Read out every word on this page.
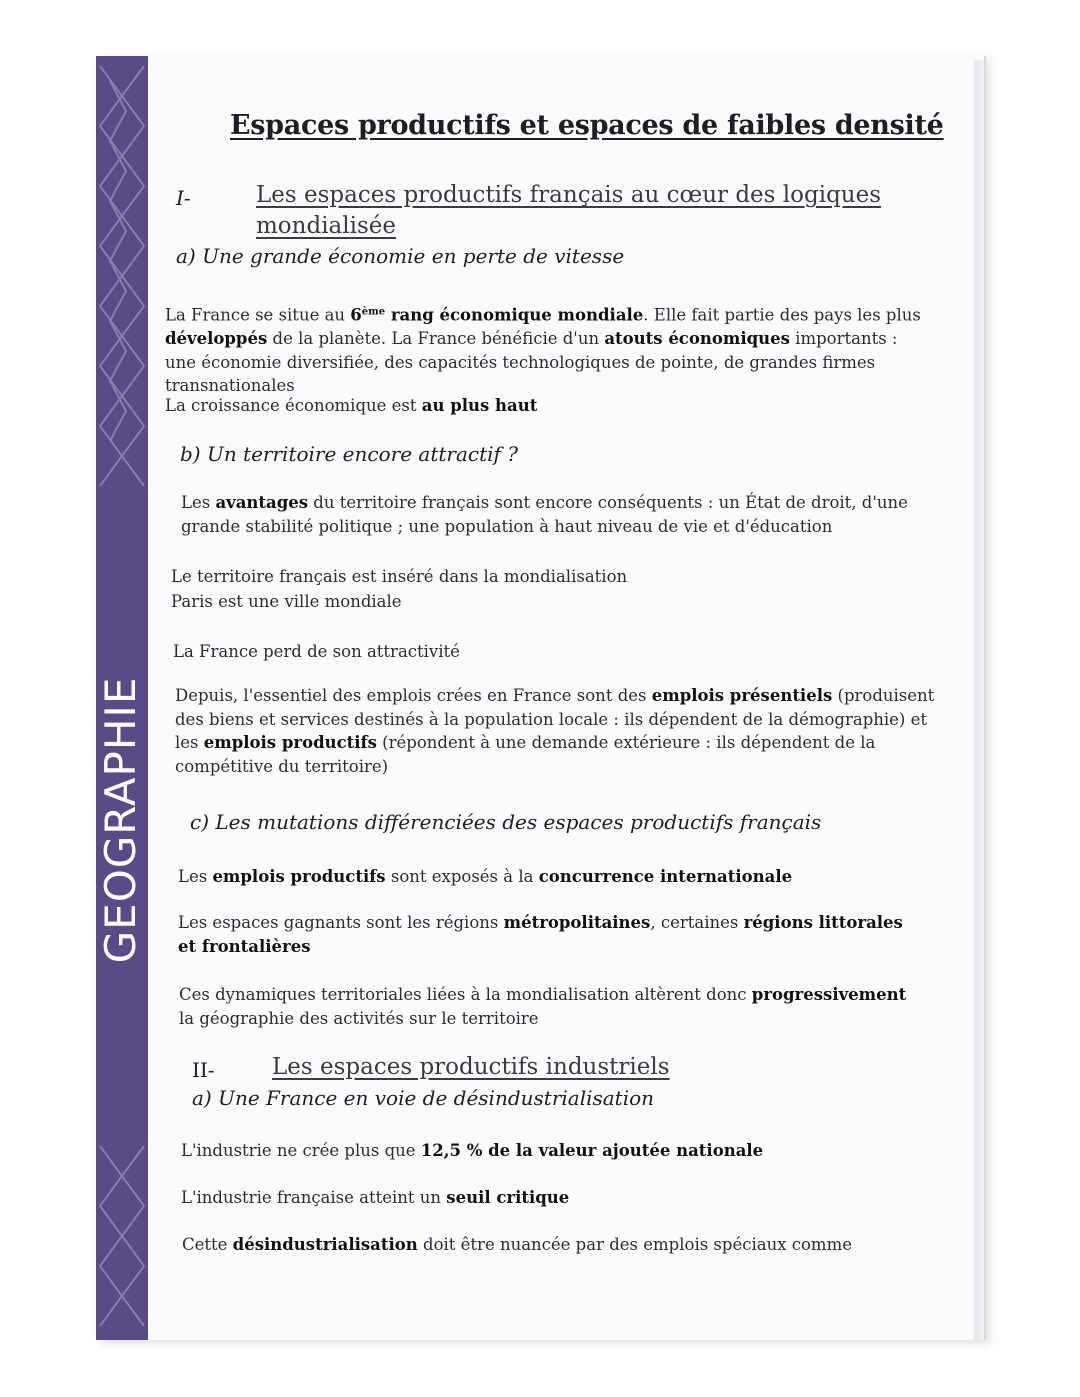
GEOGRAPHIE
Espaces productifs et espaces de faibles densité
I-	Les espaces productifs français au cœur des logiques
mondialisée
a) Une grande économie en perte de vitesse
La France se situe au 6ème rang économique mondiale. Elle fait partie des pays les plus développés de la planète. La France bénéficie d'un atouts économiques importants : une économie diversifiée, des capacités technologiques de pointe, de grandes firmes transnationales
La croissance économique est au plus haut
b) Un territoire encore attractif ?
Les avantages du territoire français sont encore conséquents : un État de droit, d'une grande stabilité politique ; une population à haut niveau de vie et d'éducation
Le territoire français est inséré dans la mondialisation
Paris est une ville mondiale
La France perd de son attractivité
Depuis, l'essentiel des emplois crées en France sont des emplois présentiels (produisent des biens et services destinés à la population locale : ils dépendent de la démographie) et les emplois productifs (répondent à une demande extérieure : ils dépendent de la compétitive du territoire)
c) Les mutations différenciées des espaces productifs français
Les emplois productifs sont exposés à la concurrence internationale
Les espaces gagnants sont les régions métropolitaines, certaines régions littorales et frontalières
Ces dynamiques territoriales liées à la mondialisation altèrent donc progressivement la géographie des activités sur le territoire
II- Les espaces productifs industriels
a) Une France en voie de désindustrialisation
L'industrie ne crée plus que 12,5 % de la valeur ajoutée nationale
L'industrie française atteint un seuil critique
Cette désindustrialisation doit être nuancée par des emplois spéciaux comme
